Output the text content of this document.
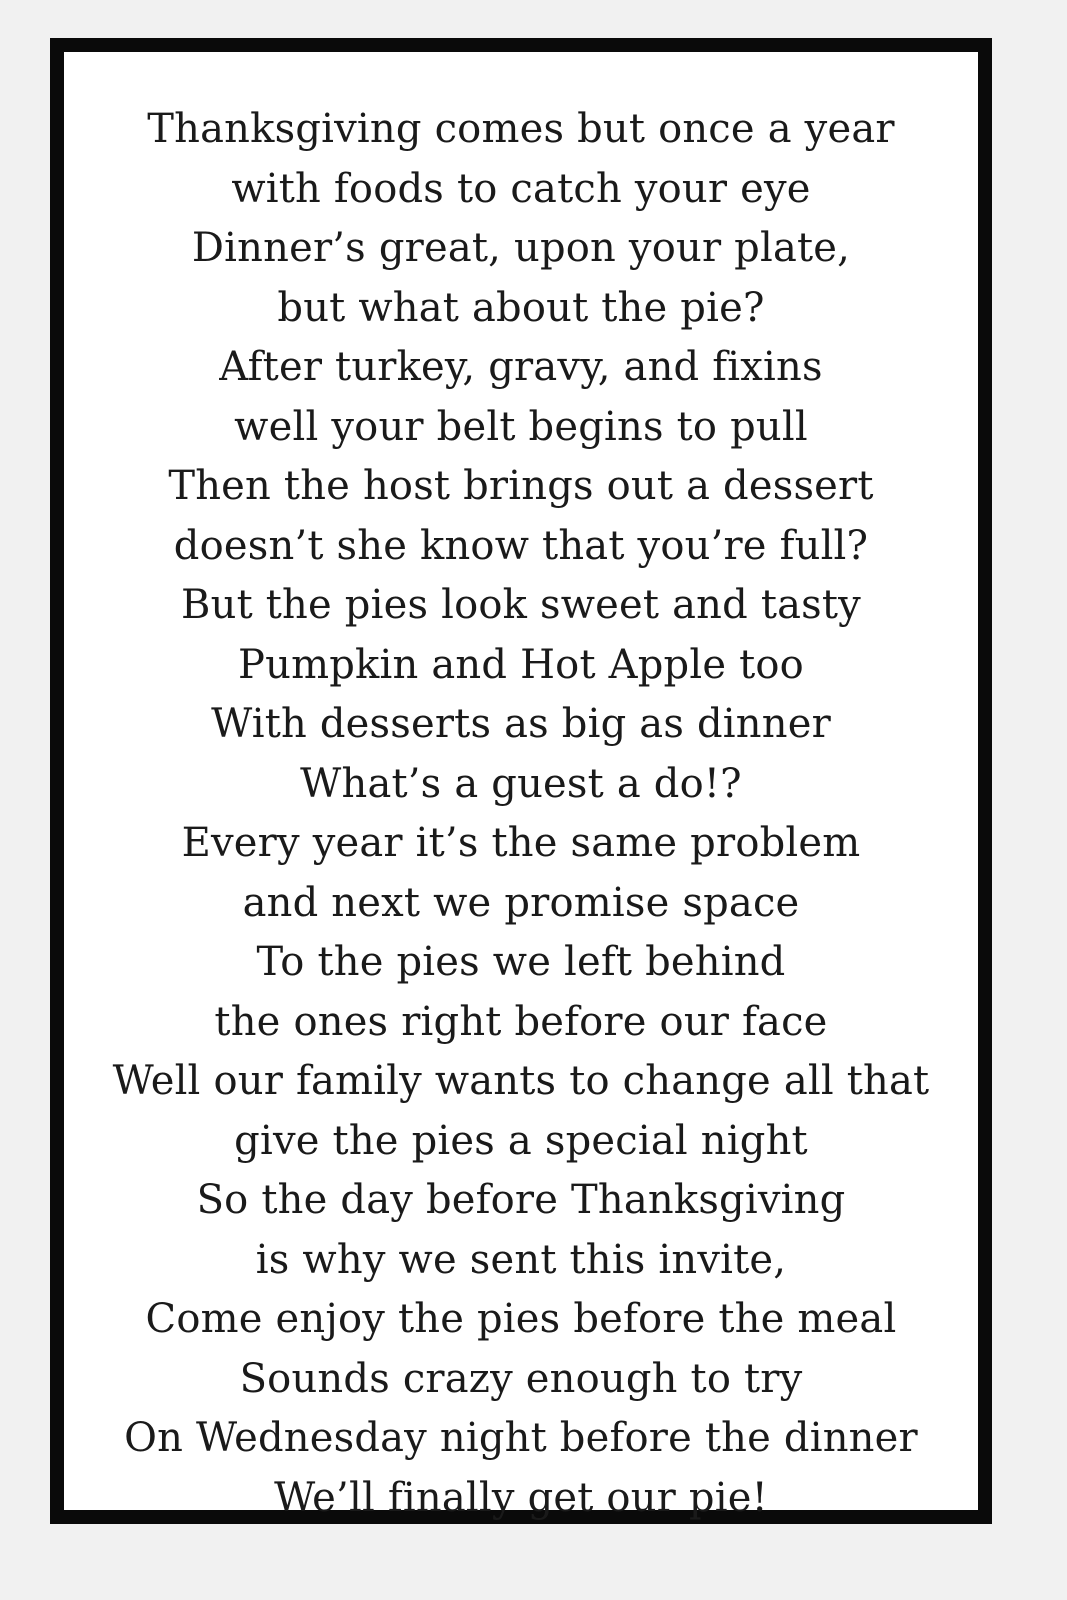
Thanksgiving comes but once a year
with foods to catch your eye
Dinner’s great, upon your plate,
but what about the pie?
After turkey, gravy, and fixins
well your belt begins to pull
Then the host brings out a dessert
doesn’t she know that you’re full?
But the pies look sweet and tasty
Pumpkin and Hot Apple too
With desserts as big as dinner
What’s a guest a do!?
Every year it’s the same problem
and next we promise space
To the pies we left behind
the ones right before our face
Well our family wants to change all that
give the pies a special night
So the day before Thanksgiving
is why we sent this invite,
Come enjoy the pies before the meal
Sounds crazy enough to try
On Wednesday night before the dinner
We’ll finally get our pie!
